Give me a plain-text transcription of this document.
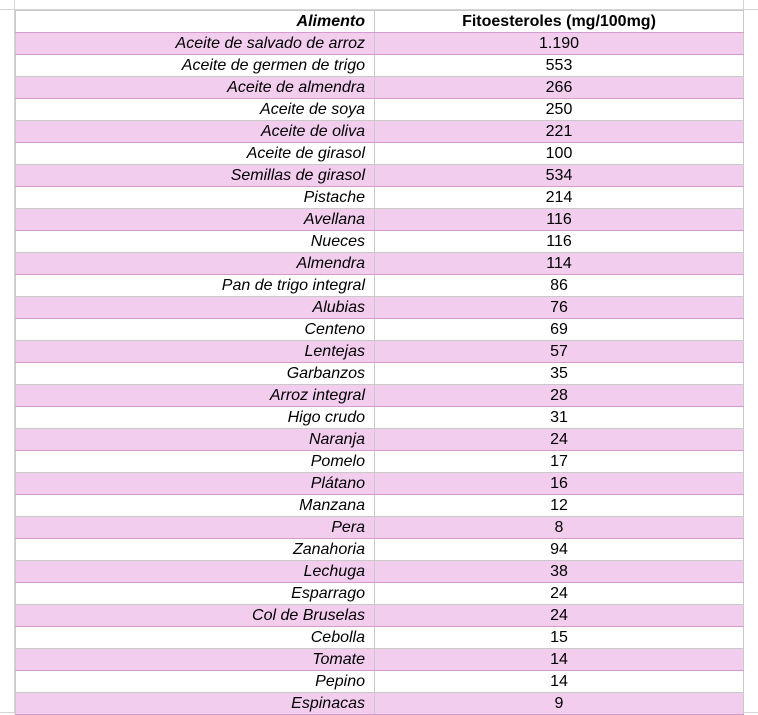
Alimento	Fitoesteroles (mg/100mg)
Aceite de salvado de arroz	1.190
Aceite de germen de trigo	553
Aceite de almendra	266
Aceite de soya	250
Aceite de oliva	221
Aceite de girasol	100
Semillas de girasol	534
Pistache	214
Avellana	116
Nueces	116
Almendra	114
Pan de trigo integral	86
Alubias	76
Centeno	69
Lentejas	57
Garbanzos	35
Arroz integral	28
Higo crudo	31
Naranja	24
Pomelo	17
Plátano	16
Manzana	12
Pera	8
Zanahoria	94
Lechuga	38
Esparrago	24
Col de Bruselas	24
Cebolla	15
Tomate	14
Pepino	14
Espinacas	9
